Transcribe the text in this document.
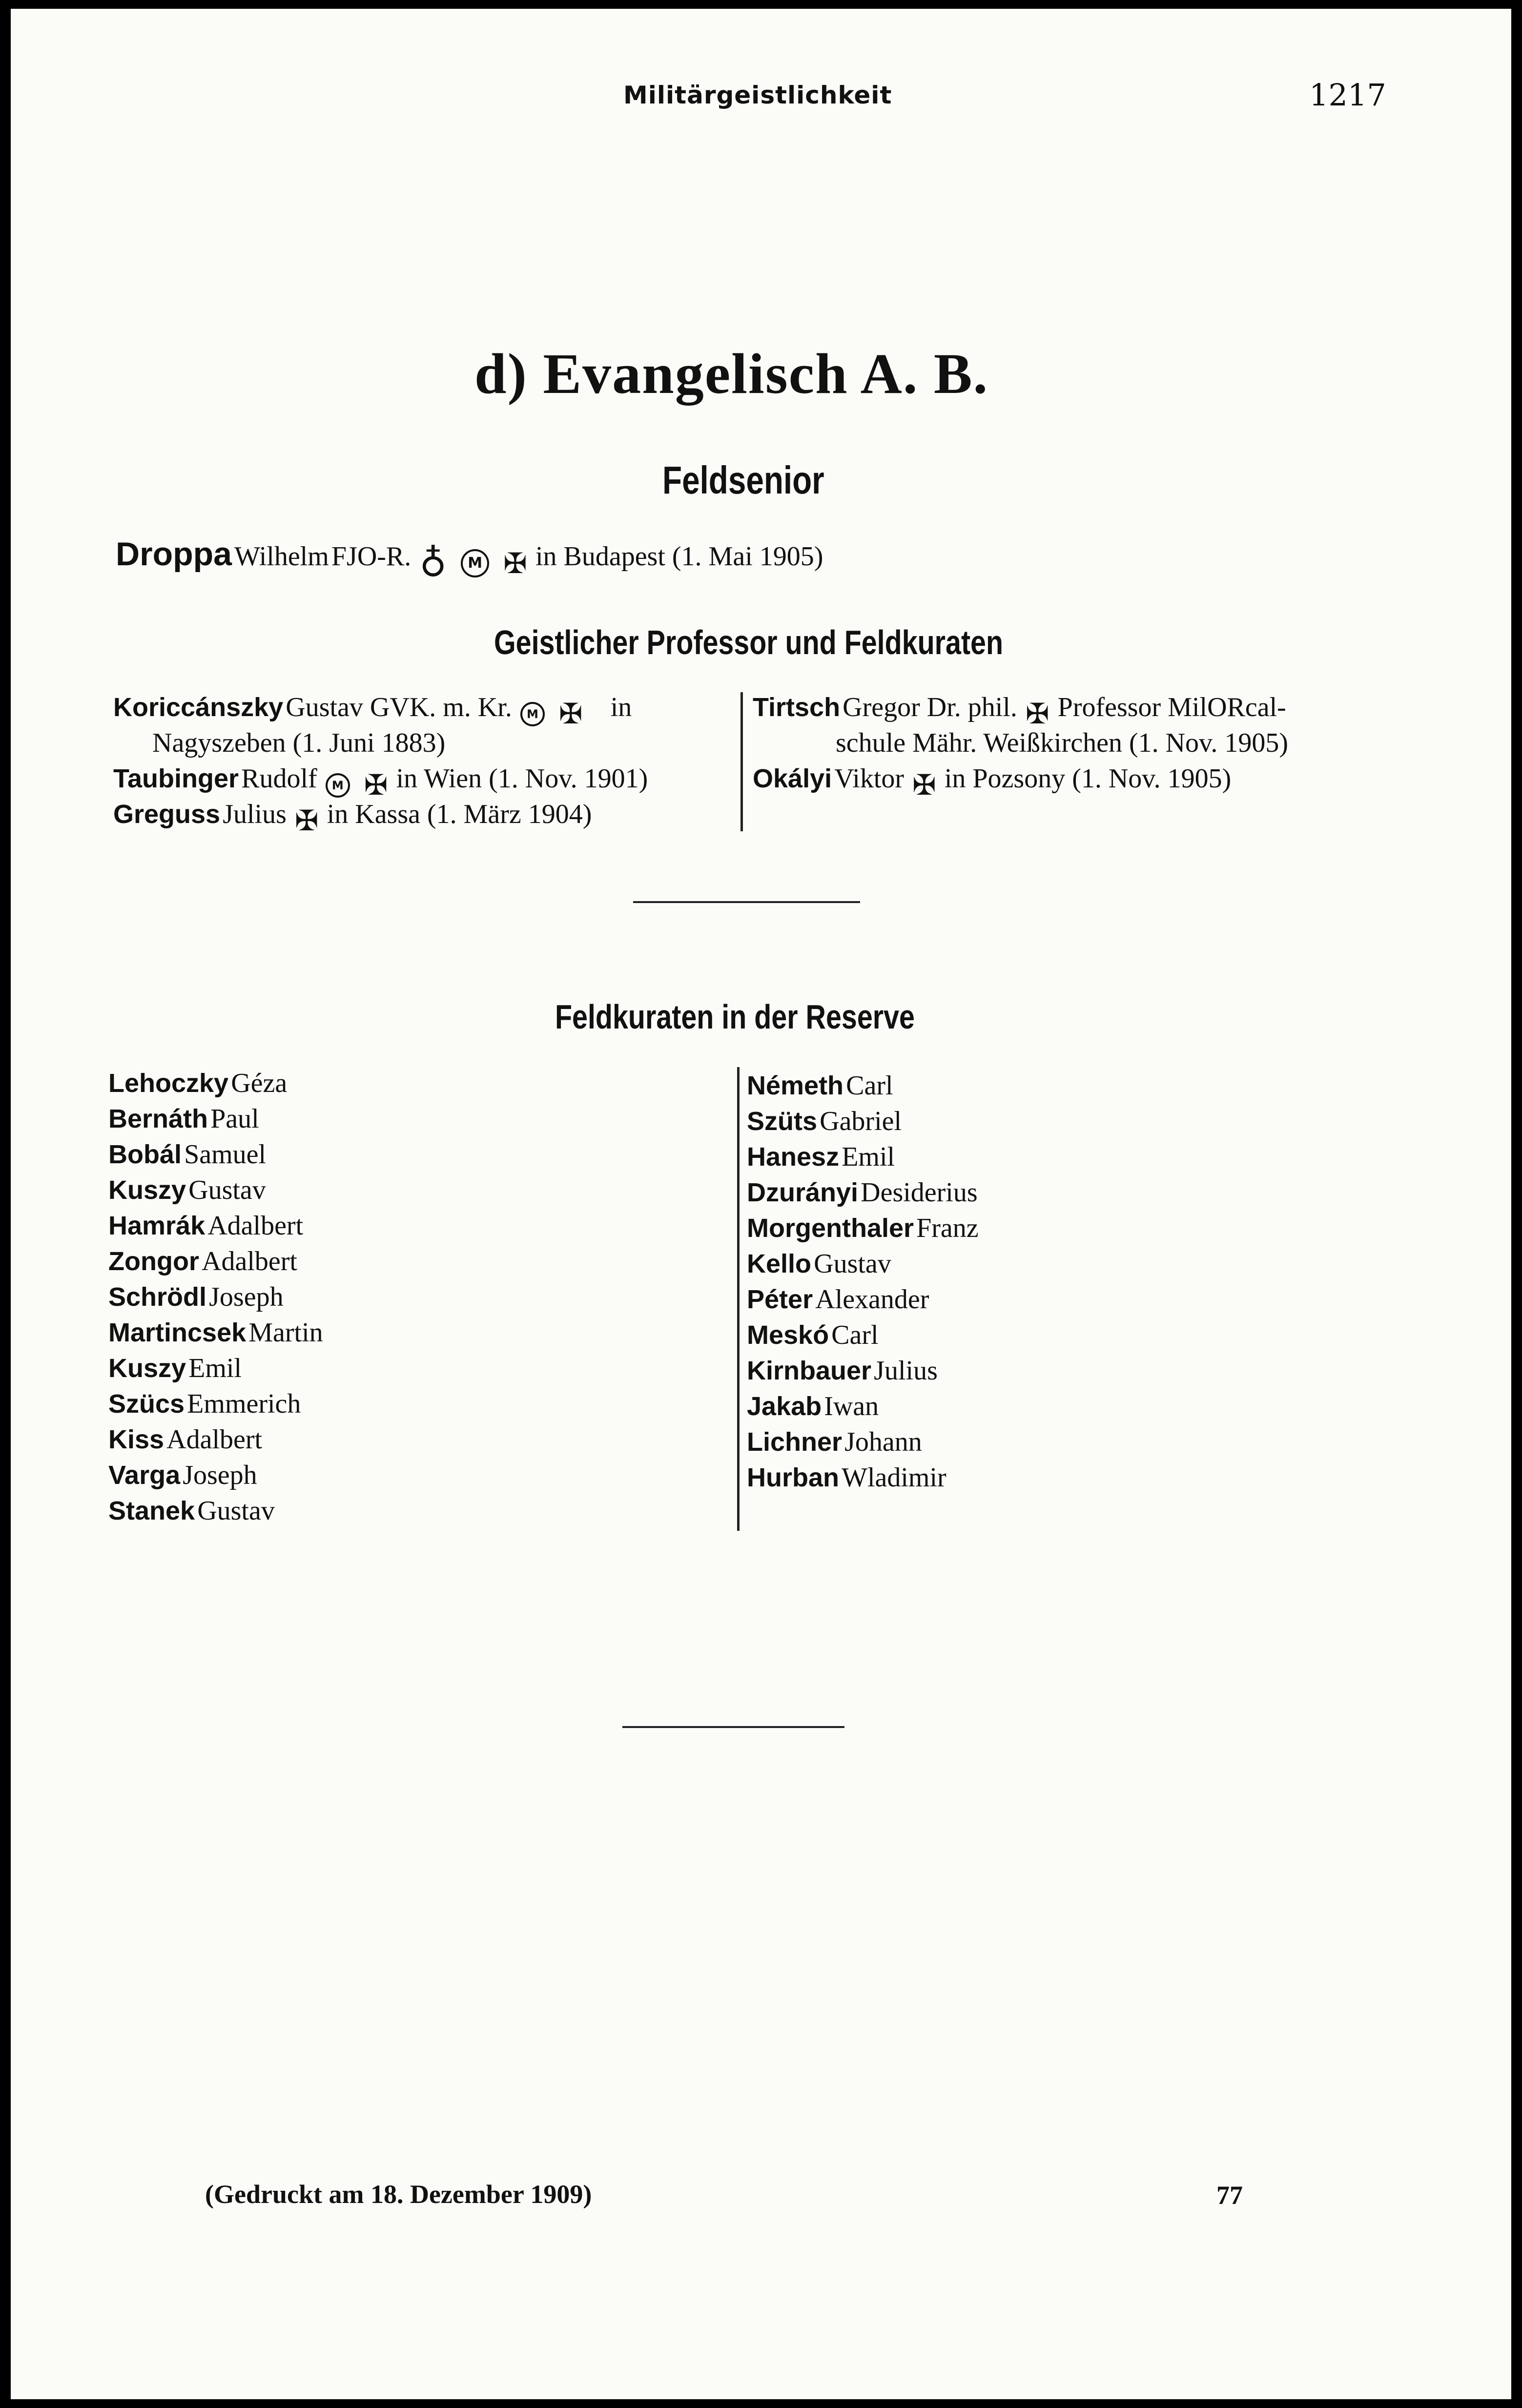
Militärgeistlichkeit	1217
d) Evangelisch A. B.
Feldsenior
Droppa Wilhelm FJO-R. ♁ M ✠ in Budapest (1. Mai 1905)
Geistlicher Professor und Feldkuraten
Koriccánszky Gustav GVK. m. Kr. M ✠ in
Nagyszeben (1. Juni 1883)
Taubinger Rudolf M ✠ in Wien (1. Nov. 1901)
Greguss Julius ✠ in Kassa (1. März 1904)
Tirtsch Gregor Dr. phil. ✠ Professor MilORcal-
schule Mähr. Weißkirchen (1. Nov. 1905)
Okályi Viktor ✠ in Pozsony (1. Nov. 1905)
Feldkuraten in der Reserve
Lehoczky Géza
Bernáth Paul
Bobál Samuel
Kuszy Gustav
Hamrák Adalbert
Zongor Adalbert
Schrödl Joseph
Martincsek Martin
Kuszy Emil
Szücs Emmerich
Kiss Adalbert
Varga Joseph
Stanek Gustav
Németh Carl
Szüts Gabriel
Hanesz Emil
Dzurányi Desiderius
Morgenthaler Franz
Kello Gustav
Péter Alexander
Meskó Carl
Kirnbauer Julius
Jakab Iwan
Lichner Johann
Hurban Wladimir
(Gedruckt am 18. Dezember 1909)	77
